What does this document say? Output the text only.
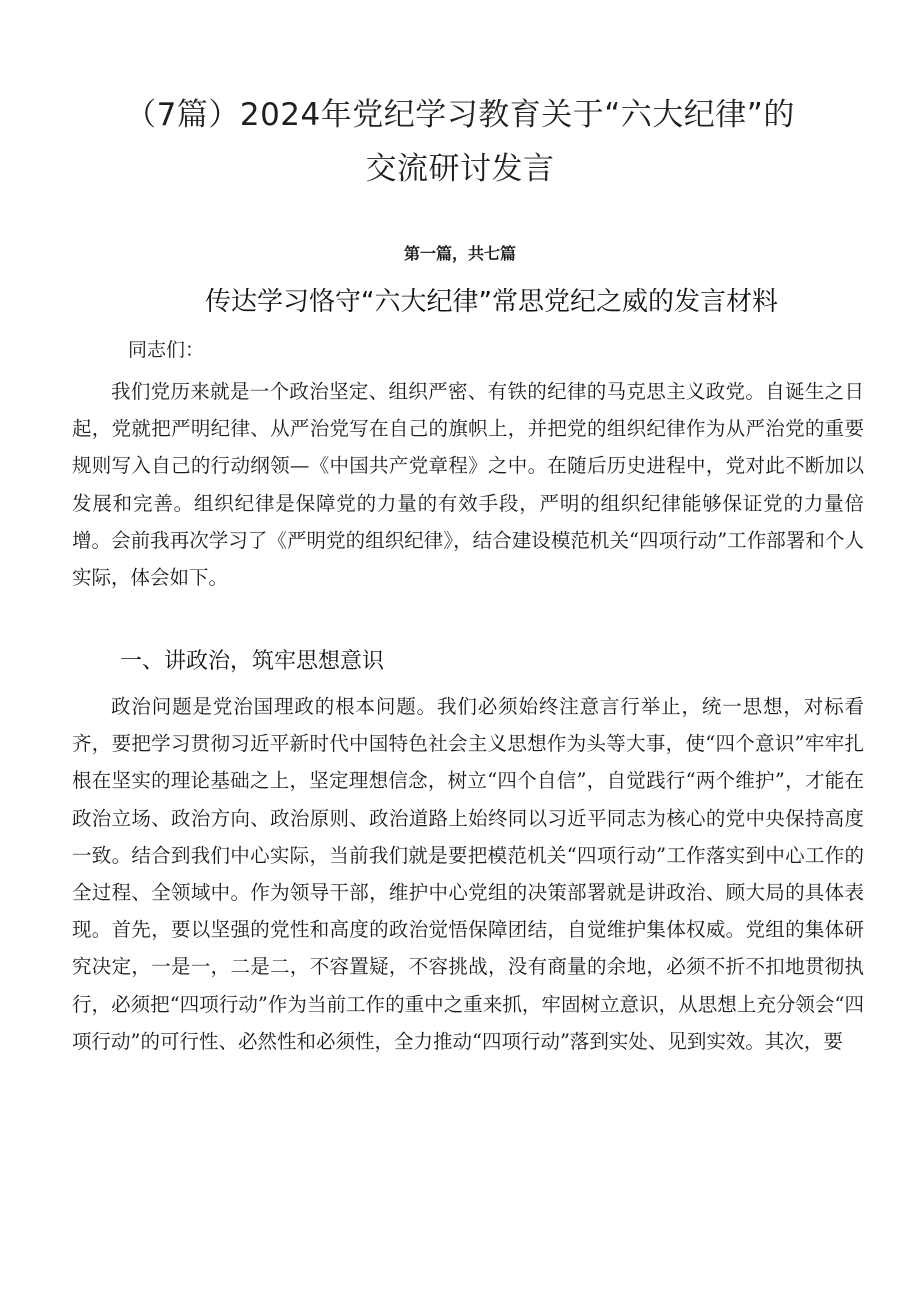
（7篇）2024年党纪学习教育关于“六大纪律”的
交流研讨发言
第一篇，共七篇
传达学习恪守“六大纪律”常思党纪之威的发言材料
同志们：

我们党历来就是一个政治坚定、组织严密、有铁的纪律的马克思主义政党。自诞生之日起，党就把严明纪律、从严治党写在自己的旗帜上，并把党的组织纪律作为从严治党的重要规则写入自己的行动纲领—《中国共产党章程》之中。在随后历史进程中，党对此不断加以发展和完善。组织纪律是保障党的力量的有效手段，严明的组织纪律能够保证党的力量倍增。会前我再次学习了《严明党的组织纪律》，结合建设模范机关“四项行动”工作部署和个人实际，体会如下。

一、讲政治，筑牢思想意识

政治问题是党治国理政的根本问题。我们必须始终注意言行举止，统一思想，对标看齐，要把学习贯彻习近平新时代中国特色社会主义思想作为头等大事，使“四个意识”牢牢扎根在坚实的理论基础之上，坚定理想信念，树立“四个自信”，自觉践行“两个维护”，才能在政治立场、政治方向、政治原则、政治道路上始终同以习近平同志为核心的党中央保持高度一致。结合到我们中心实际，当前我们就是要把模范机关“四项行动”工作落实到中心工作的全过程、全领域中。作为领导干部，维护中心党组的决策部署就是讲政治、顾大局的具体表现。首先，要以坚强的党性和高度的政治觉悟保障团结，自觉维护集体权威。党组的集体研究决定，一是一，二是二，不容置疑，不容挑战，没有商量的余地，必须不折不扣地贯彻执行，必须把“四项行动”作为当前工作的重中之重来抓，牢固树立意识，从思想上充分领会“四项行动”的可行性、必然性和必须性，全力推动“四项行动”落到实处、见到实效。其次，要
